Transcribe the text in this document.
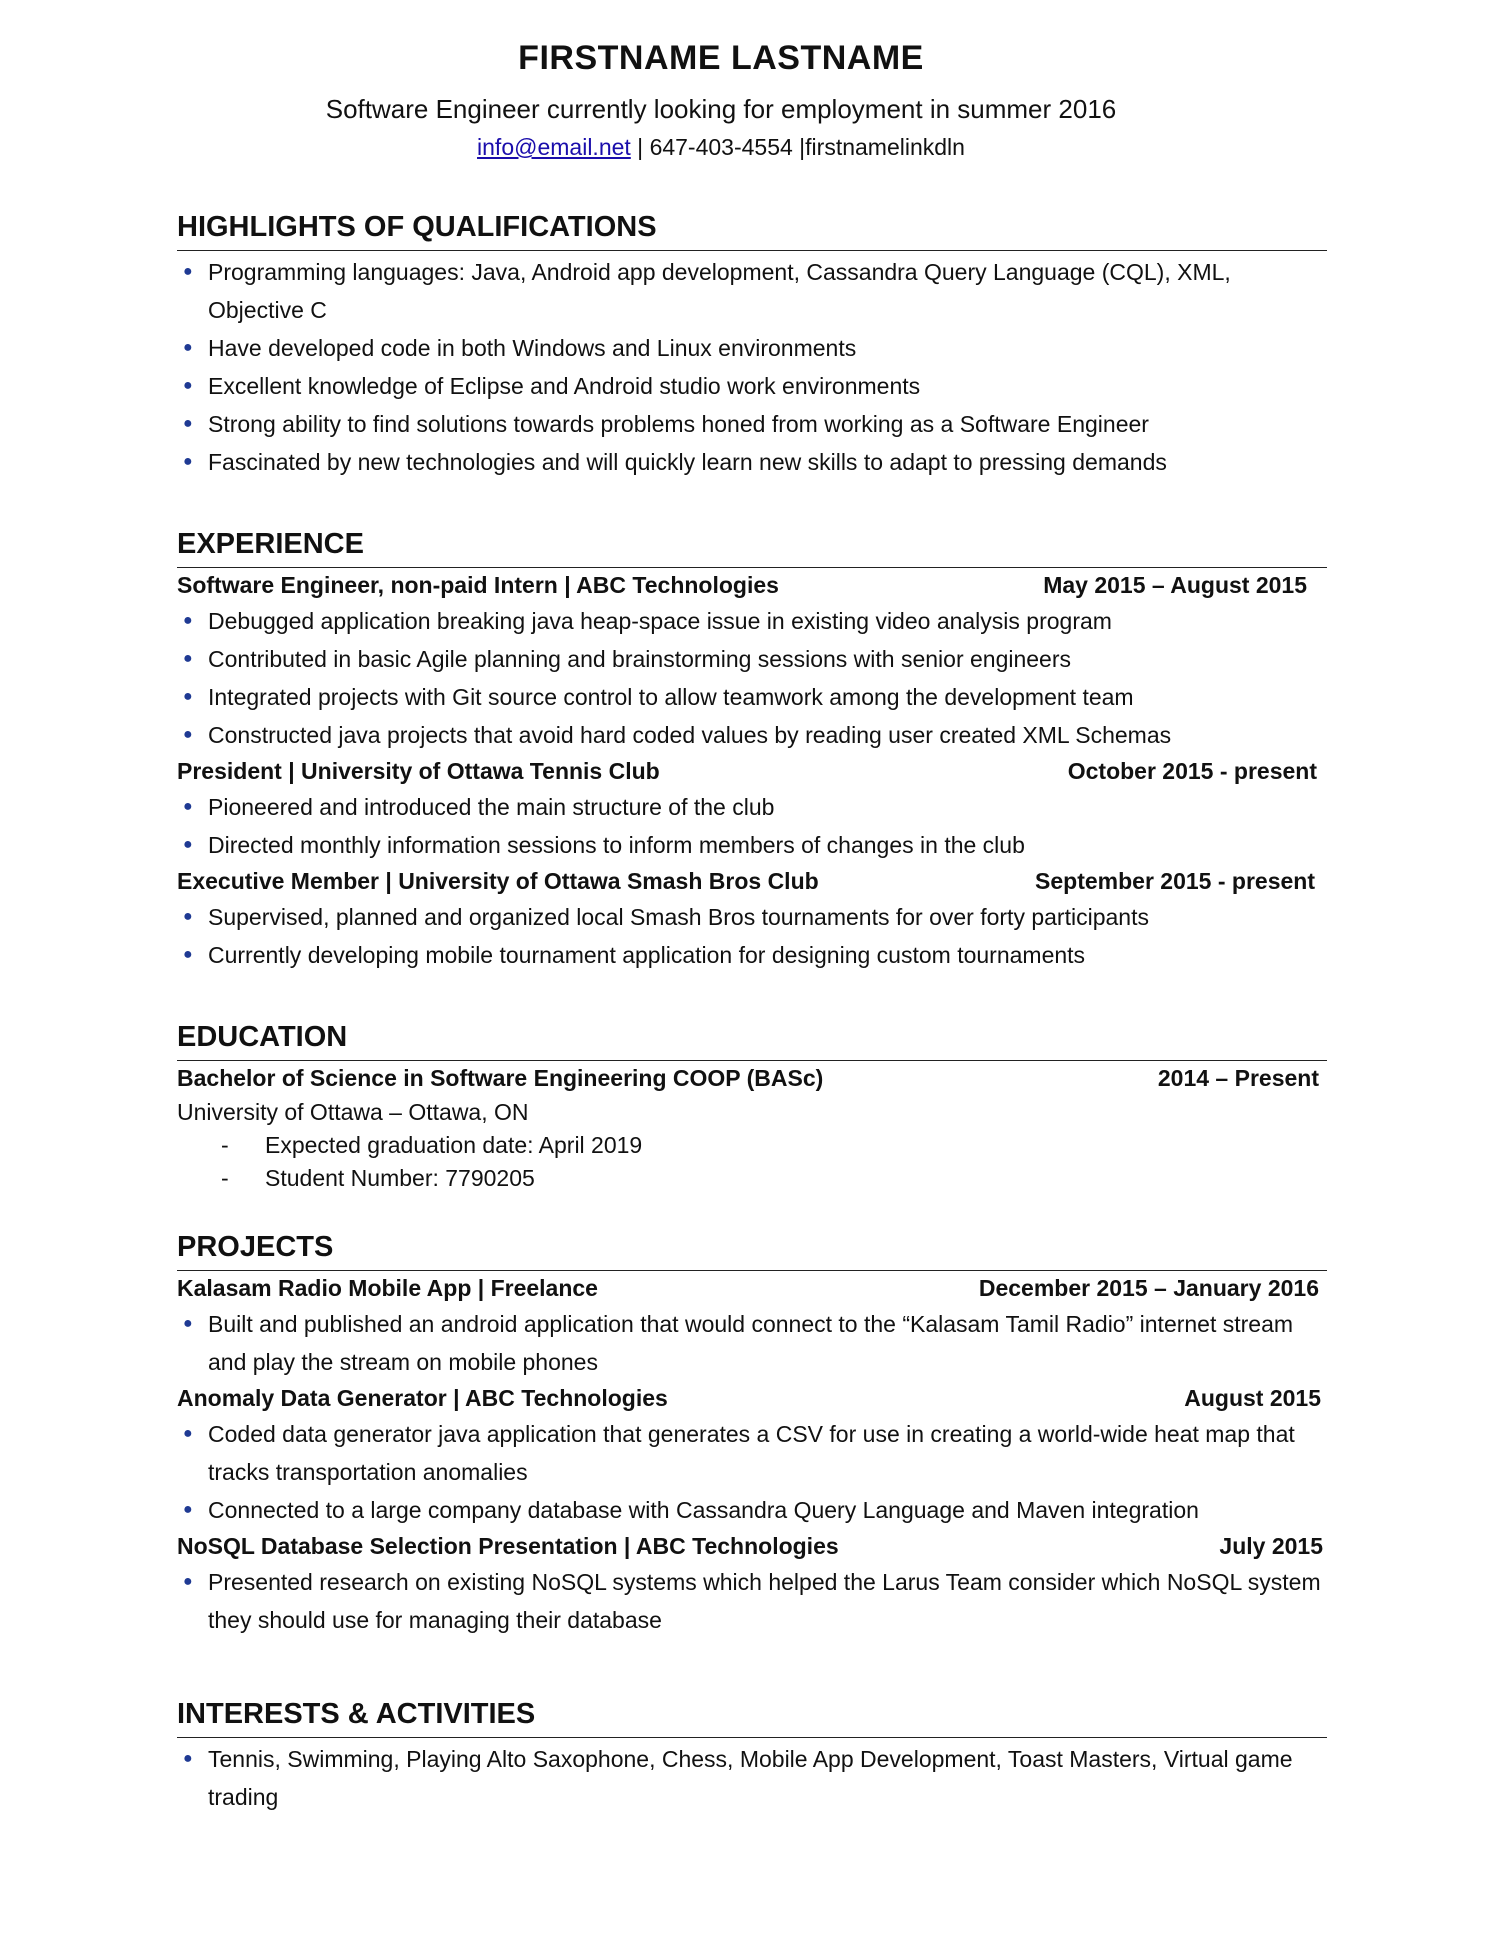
FIRSTNAME LASTNAME
Software Engineer currently looking for employment in summer 2016
info@email.net | 647-403-4554 |firstnamelinkdln
HIGHLIGHTS OF QUALIFICATIONS
● Programming languages: Java, Android app development, Cassandra Query Language (CQL), XML, Objective C
● Have developed code in both Windows and Linux environments
● Excellent knowledge of Eclipse and Android studio work environments
● Strong ability to find solutions towards problems honed from working as a Software Engineer
● Fascinated by new technologies and will quickly learn new skills to adapt to pressing demands
EXPERIENCE
Software Engineer, non-paid Intern | ABC Technologies	May 2015 – August 2015
● Debugged application breaking java heap-space issue in existing video analysis program
● Contributed in basic Agile planning and brainstorming sessions with senior engineers
● Integrated projects with Git source control to allow teamwork among the development team
● Constructed java projects that avoid hard coded values by reading user created XML Schemas
President | University of Ottawa Tennis Club	October 2015 - present
● Pioneered and introduced the main structure of the club
● Directed monthly information sessions to inform members of changes in the club
Executive Member | University of Ottawa Smash Bros Club	September 2015 - present
● Supervised, planned and organized local Smash Bros tournaments for over forty participants
● Currently developing mobile tournament application for designing custom tournaments
EDUCATION
Bachelor of Science in Software Engineering COOP (BASc)	2014 – Present
University of Ottawa – Ottawa, ON
- Expected graduation date: April 2019
- Student Number: 7790205
PROJECTS
Kalasam Radio Mobile App | Freelance	December 2015 – January 2016
● Built and published an android application that would connect to the “Kalasam Tamil Radio” internet stream and play the stream on mobile phones
Anomaly Data Generator | ABC Technologies	August 2015
● Coded data generator java application that generates a CSV for use in creating a world-wide heat map that tracks transportation anomalies
● Connected to a large company database with Cassandra Query Language and Maven integration
NoSQL Database Selection Presentation | ABC Technologies	July 2015
● Presented research on existing NoSQL systems which helped the Larus Team consider which NoSQL system they should use for managing their database
INTERESTS & ACTIVITIES
● Tennis, Swimming, Playing Alto Saxophone, Chess, Mobile App Development, Toast Masters, Virtual game trading
